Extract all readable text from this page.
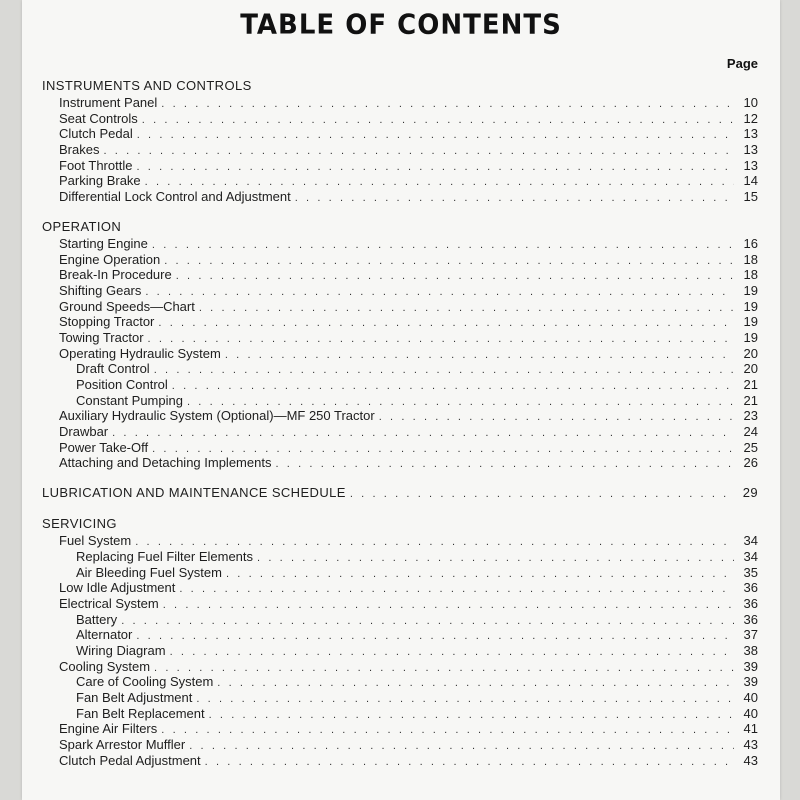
TABLE OF CONTENTS
Page
INSTRUMENTS AND CONTROLS
Instrument Panel . . .	10
Seat Controls . . .	12
Clutch Pedal . . .	13
Brakes . . .	13
Foot Throttle . . .	13
Parking Brake . . .	14
Differential Lock Control and Adjustment . . .	15
OPERATION
Starting Engine . . .	16
Engine Operation . . .	18
Break-In Procedure . . .	18
Shifting Gears . . .	19
Ground Speeds—Chart . . .	19
Stopping Tractor . . .	19
Towing Tractor . . .	19
Operating Hydraulic System . . .	20
Draft Control . . .	20
Position Control . . .	21
Constant Pumping . . .	21
Auxiliary Hydraulic System (Optional)—MF 250 Tractor . . .	23
Drawbar . . .	24
Power Take-Off . . .	25
Attaching and Detaching Implements . . .	26
LUBRICATION AND MAINTENANCE SCHEDULE . . .	29
SERVICING
Fuel System . . .	34
Replacing Fuel Filter Elements . . .	34
Air Bleeding Fuel System . . .	35
Low Idle Adjustment . . .	36
Electrical System . . .	36
Battery . . .	36
Alternator . . .	37
Wiring Diagram . . .	38
Cooling System . . .	39
Care of Cooling System . . .	39
Fan Belt Adjustment . . .	40
Fan Belt Replacement . . .	40
Engine Air Filters . . .	41
Spark Arrestor Muffler . . .	43
Clutch Pedal Adjustment . . .	43
